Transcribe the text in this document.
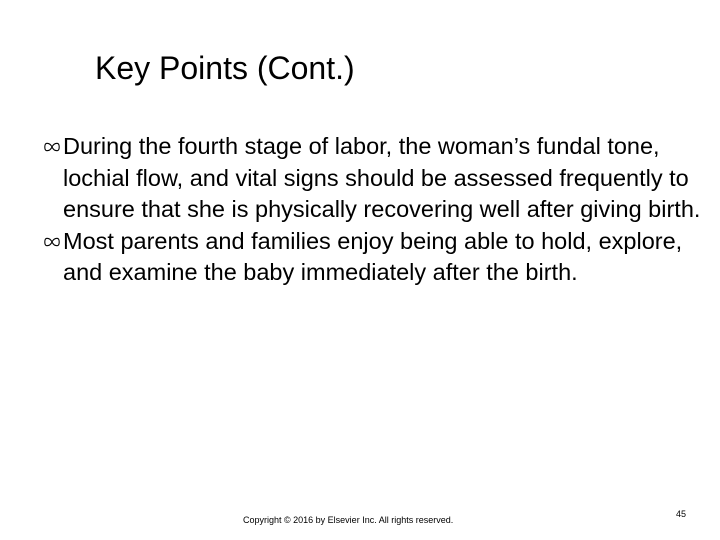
Key Points (Cont.)
During the fourth stage of labor, the woman’s fundal tone, lochial flow, and vital signs should be assessed frequently to ensure that she is physically recovering well after giving birth.
Most parents and families enjoy being able to hold, explore, and examine the baby immediately after the birth.
Copyright © 2016 by Elsevier Inc. All rights reserved.
45
